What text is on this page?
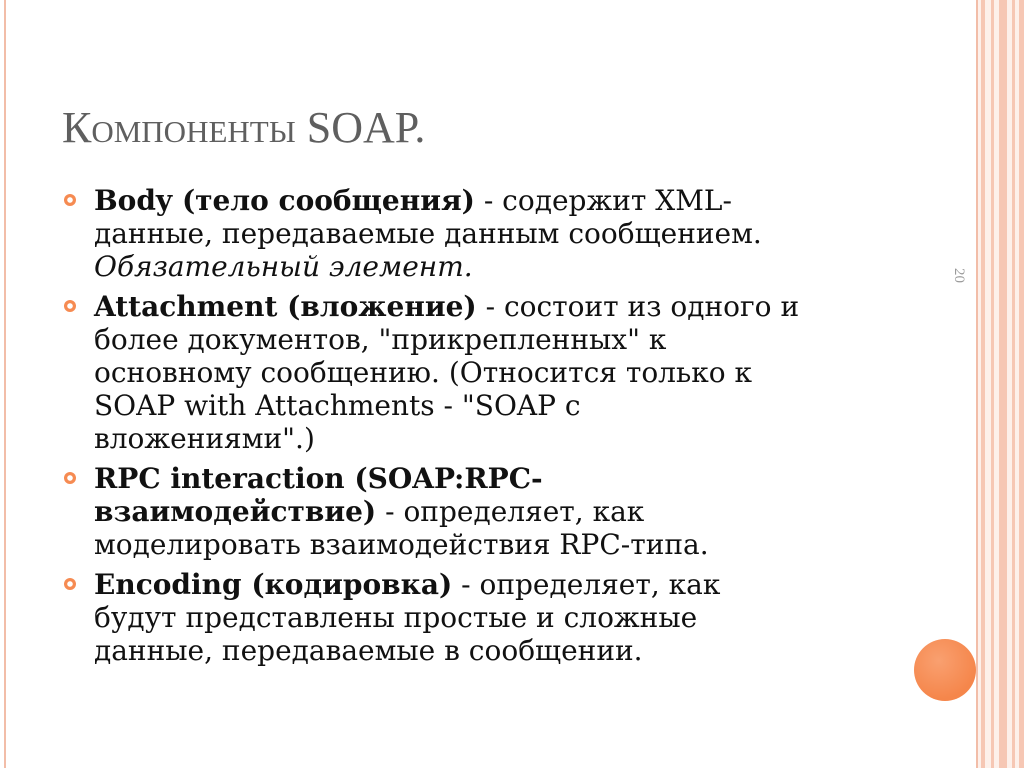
Компоненты SOAP.
Body (тело сообщения) - содержит XML-
данные, передаваемые данным сообщением.
Обязательный элемент.
Attachment (вложение) - состоит из одного и
более документов, "прикрепленных" к
основному сообщению. (Относится только к
SOAP with Attachments - "SOAP с
вложениями".)
RPC interaction (SOAP:RPC-
взаимодействие) - определяет, как
моделировать взаимодействия RPC-типа.
Encoding (кодировка) - определяет, как
будут представлены простые и сложные
данные, передаваемые в сообщении.
20
